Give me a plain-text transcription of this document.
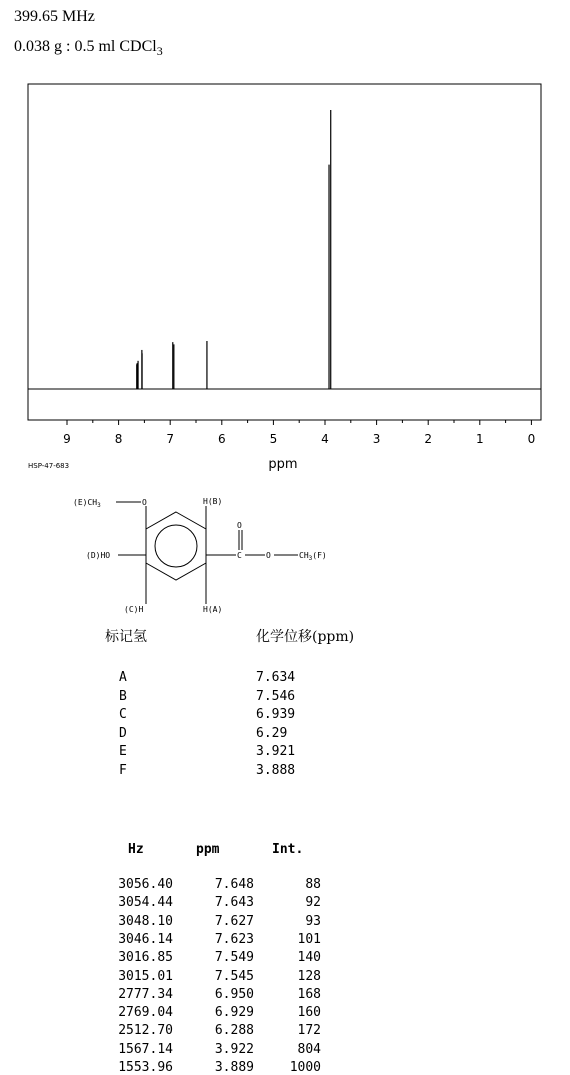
399.65 MHz
0.038 g : 0.5 ml CDCl$_3$
9	8	7	6	5	4	3	2	1	0
ppm
HSP-47-683
$(E)CH_3$	O	H(B)
(D)HO
O
C	O	$CH_3(F)$
(C)H	H(A)
标记氢	化学位移(ppm)
A	7.634
B	7.546
C	6.939
D	6.29
E	3.921
F	3.888
Hz	ppm	Int.
3056.40	7.648	88
3054.44	7.643	92
3048.10	7.627	93
3046.14	7.623	101
3016.85	7.549	140
3015.01	7.545	128
2777.34	6.950	168
2769.04	6.929	160
2512.70	6.288	172
1567.14	3.922	804
1553.96	3.889	1000
